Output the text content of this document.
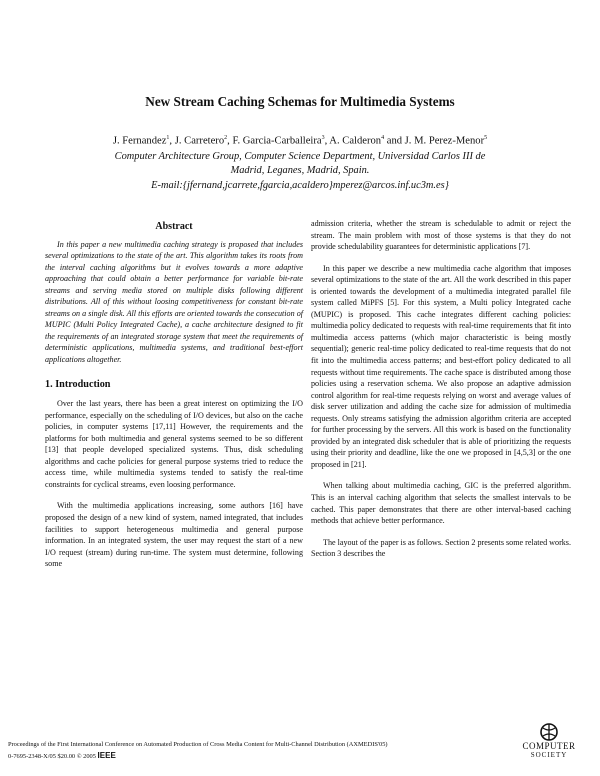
New Stream Caching Schemas for Multimedia Systems
J. Fernandez$^1$, J. Carretero$^2$, F. Garcia-Carballeira$^3$, A. Calderon$^4$ and J. M. Perez-Menor$^5$
Computer Architecture Group, Computer Science Department, Universidad Carlos III de
Madrid, Leganes, Madrid, Spain.
E-mail:{jfernand,jcarrete,fgarcia,acaldero}mperez@arcos.inf.uc3m.es}
Abstract

In this paper a new multimedia caching strategy is proposed that includes several optimizations to the state of the art. This algorithm takes its roots from the interval caching algorithms but it evolves towards a more adaptive approaching that could obtain a better performance for variable bit-rate streams and serving media stored on multiple disks following different distributions. All of this without loosing competitiveness for constant bit-rate streams on a single disk. All this efforts are oriented towards the consecution of MUPIC (Multi Policy Integrated Cache), a cache architecture designed to fit the requirements of an integrated storage system that meet the requirements of deterministic applications, multimedia systems, and traditional best-effort applications altogether.

1. Introduction

Over the last years, there has been a great interest on optimizing the I/O performance, especially on the scheduling of I/O devices, but also on the cache policies, in computer systems [17,11] However, the requirements and the platforms for both multimedia and general systems seemed to be so different [13] that people developed specialized systems. Thus, disk scheduling algorithms and cache policies for general purpose systems tried to reduce the access time, while multimedia systems tended to satisfy the real-time constraints for cyclical streams, even loosing performance.

With the multimedia applications increasing, some authors [16] have proposed the design of a new kind of system, named integrated, that includes facilities to support heterogeneous multimedia and general purpose information. In an integrated system, the user may request the start of a new I/O request (stream) during run-time. The system must determine, following some

admission criteria, whether the stream is schedulable to admit or reject the stream. The main problem with most of those systems is that they do not provide schedulability guarantees for deterministic applications [7].

In this paper we describe a new multimedia cache algorithm that imposes several optimizations to the state of the art. All the work described in this paper is oriented towards the development of a multimedia integrated parallel file system called MiPFS [5]. For this system, a Multi policy Integrated cache (MUPIC) is proposed. This cache integrates different caching policies: multimedia policy dedicated to requests with real-time requirements that fit into multimedia access patterns (which major characteristic is being mostly sequential); generic real-time policy dedicated to real-time requests that do not fit into the multimedia access patterns; and best-effort policy dedicated to all requests without time requirements. The cache space is distributed among those policies using a reservation schema. We also propose an adaptive admission control algorithm for real-time requests relying on worst and average values of disk server utilization and adding the cache size for admission of multimedia requests. Only streams satisfying the admission algorithm criteria are accepted for further processing by the servers. All this work is based on the functionality provided by an integrated disk scheduler that is able of prioritizing the requests using their priority and deadline, like the one we proposed in [4,5,3] or the one proposed in [21].

When talking about multimedia caching, GIC is the preferred algorithm. This is an interval caching algorithm that selects the smallest intervals to be cached. This paper demonstrates that there are other interval-based caching methods that achieve better performance.

The layout of the paper is as follows. Section 2 presents some related works. Section 3 describes the

Proceedings of the First International Conference on Automated Production of Cross Media Content for Multi-Channel Distribution (AXMEDIS'05)
0-7695-2348-X/05 $20.00 © 2005 IEEE
COMPUTER
SOCIETY
